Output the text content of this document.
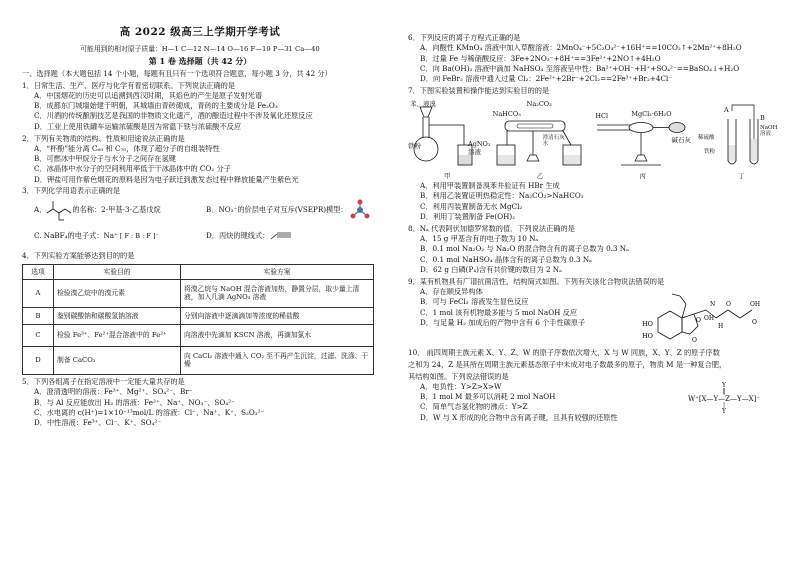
高 2022 级高三上学期开学考试
可能用到的相对原子质量：H—1 C—12 N—14 O—16 F—19 P—31 Ca—40
第 1 卷 选择题（共 42 分）
一、选择题（本大题包括 14 个小题，每题有且只有一个选项符合题意，每小题 3 分，共 42 分）
1．日常生活、生产、医疗与化学有着密切联系。下列说法正确的是
A．中国烟花的历史可以追溯到西汉时期，其焰色的产生是原子发射光谱
B．成都东门城墙始建于明朝，其城墙由青砖砌成，青砖的主要成分是 Fe₂O₃
C．川酒的传统酿制技艺是我国的非物质文化遗产，酒的酿造过程中不涉及氧化还原反应
D．工业上使用铁罐车运输浓硫酸是因为常温下铁与浓硫酸不反应
2．下列有关物质的结构、性质和用途说法正确的是
A．“杯酚”能分离 C₆₀ 和 C₇₀，体现了超分子的自组装特性
B．可燃冰中甲烷分子与水分子之间存在氢键
C．冰晶体中水分子的空间利用率低于干冰晶体中的 CO₂ 分子
D．钾盐可用作紫色烟花的原料是因为电子跃迁到激发态过程中释放能量产生紫色光
3．下列化学用语表示正确的是
A．	的名称：2-甲基-3-乙基戊烷	B．NO₃⁻的价层电子对互斥(VSEPR)模型：
C. NaBF₄的电子式：Na⁺ [ F : B : F ]⁻	D．丙炔的键线式：
4．下列实验方案能够达到目的的是
选项	实验目的	实验方案
A	检验溴乙烷中的溴元素	将溴乙烷与 NaOH 混合溶液加热，静置分层，取少量上清液，加入几滴 AgNO₃ 溶液
B	鉴别碳酸钠和碳酸氢钠溶液	分别向溶液中逐滴滴加等浓度的稀盐酸
C	检验 Fe³⁺、Fe²⁺混合溶液中的 Fe²⁺	向溶液中先滴加 KSCN 溶液，再滴加氯水
D	制备 CaCO₃	向 CaCl₂ 溶液中通入 CO₂ 至不再产生沉淀，过滤、洗涤、干燥
5．下列各组离子在指定溶液中一定能大量共存的是
A．澄清透明的溶液：Fe³⁺、Mg²⁺、SO₄²⁻、Br⁻
B．与 Al 反应能放出 H₂ 的溶液：Fe²⁺、Na⁺、NO₃⁻、SO₄²⁻
C．水电离的 c(H⁺)=1×10⁻¹³mol/L 的溶液：Cl⁻、Na⁺、K⁺、S₂O₃²⁻
D．中性溶液：Fe³⁺、Cl⁻、K⁺、SO₄²⁻
6．下列反应的离子方程式正确的是
A．向酸性 KMnO₄ 溶液中加入草酸溶液：2MnO₄⁻+5C₂O₄²⁻+16H⁺==10CO₂↑+2Mn²⁺+8H₂O
B．过量 Fe 与稀硝酸反应：3Fe+2NO₃⁻+8H⁺==3Fe²⁺+2NO↑+4H₂O
C．向 Ba(OH)₂ 溶液中滴加 NaHSO₄ 至溶液呈中性：Ba²⁺+OH⁻+H⁺+SO₄²⁻==BaSO₄↓+H₂O
D．向 FeBr₂ 溶液中通入过量 Cl₂：2Fe²⁺+2Br⁻+2Cl₂==2Fe³⁺+Br₂+4Cl⁻
7．下图实验装置和操作能达到实验目的的是
苯、液溴
铁粉	AgNO₃ 溶液
甲
Na₂CO₃
NaHCO₃
澄清石灰水
乙
HCl	MgCl₂·6H₂O
碱石灰
丙
A
B
稀硫酸
铁粉
NaOH 溶液
丁
A．利用甲装置制备溴苯并验证有 HBr 生成
B．利用乙装置证明热稳定性：Na₂CO₃>NaHCO₃
C．利用丙装置制备无水 MgCl₂
D．利用丁装置制备 Fe(OH)₂
8．Nₐ 代表阿伏加德罗常数的值．下列说法正确的是
A．15 g 甲基含有的电子数为 10 Nₐ
B．0.1 mol Na₂O₂ 与 Na₂O 的混合物含有的离子总数为 0.3 Nₐ
C．0.1 mol NaHSO₄ 晶体含有的离子总数为 0.3 Nₐ
D．62 g 白磷(P₄)含有共价键的数目为 2 Nₐ
9．某有机物具有广谱抗菌活性，结构简式如图。下列有关该化合物说法错误的是
A．存在顺反异构体
B．可与 FeCl₃ 溶液发生显色反应
C．1 mol 该有机物最多能与 5 mol NaOH 反应
D．与足量 H₂ 加成后的产物中含有 6 个手性碳原子	HO
HO
O
O
OH
H
N O	OH
O
10． 前四周期主族元素 X、Y、Z、W 的原子序数依次增大，X 与 W 同族，X、Y、Z 的原子序数
之和为 24，Z 是其所在周期主族元素基态原子中未成对电子数最多的原子，物质 M 是一种复合肥，
其结构如图。下列说法错误的是
A．电负性：Y>Z>X>W
B．1 mol M 最多可以消耗 2 mol NaOH
C．简单气态氢化物的沸点：Y>Z
D．W 与 X 形成的化合物中含有离子键，且具有较强的还原性
Y
‖
W⁺[X—Y—Z—Y—X]⁻
|
Y
